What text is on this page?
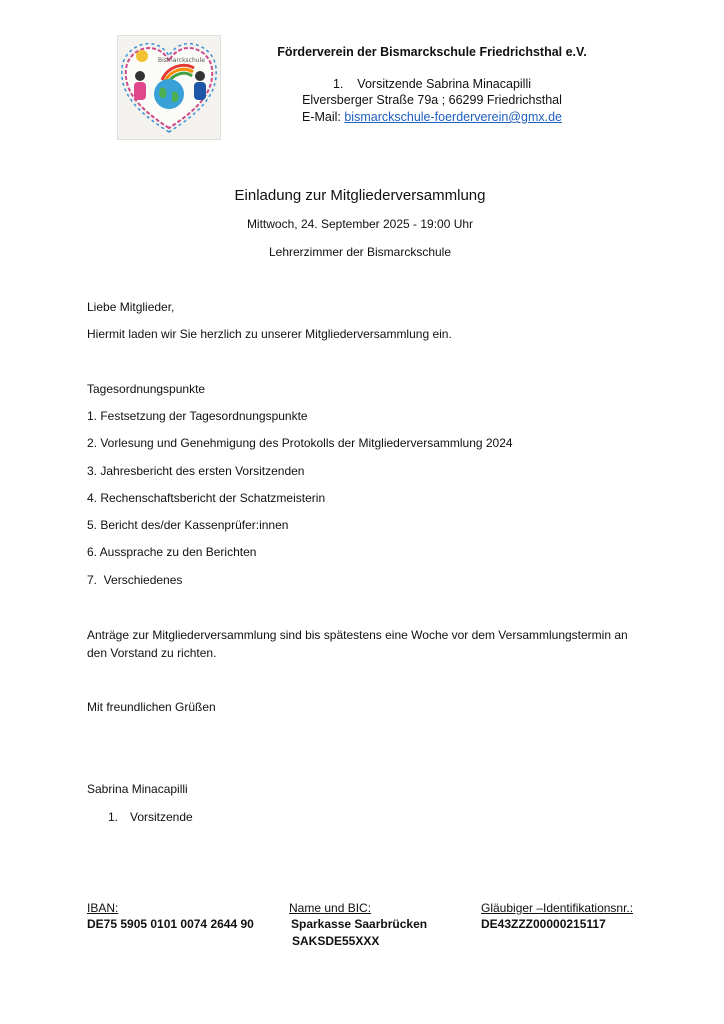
Bismarckschule
Förderverein der Bismarckschule Friedrichsthal e.V.
1.    Vorsitzende Sabrina Minacapilli
Elversberger Straße 79a ; 66299 Friedrichsthal
E-Mail: bismarckschule-foerderverein@gmx.de
Einladung zur Mitgliederversammlung
Mittwoch, 24. September 2025 - 19:00 Uhr
Lehrerzimmer der Bismarckschule
Liebe Mitglieder,
Hiermit laden wir Sie herzlich zu unserer Mitgliederversammlung ein.
Tagesordnungspunkte
1. Festsetzung der Tagesordnungspunkte
2. Vorlesung und Genehmigung des Protokolls der Mitgliederversammlung 2024
3. Jahresbericht des ersten Vorsitzenden
4. Rechenschaftsbericht der Schatzmeisterin
5. Bericht des/der Kassenprüfer:innen
6. Aussprache zu den Berichten
7.  Verschiedenes
Anträge zur Mitgliederversammlung sind bis spätestens eine Woche vor dem Versammlungstermin an den Vorstand zu richten.
Mit freundlichen Grüßen
Sabrina Minacapilli
1. Vorsitzende
IBAN:
DE75 5905 0101 0074 2644 90
Name und BIC:
Sparkasse Saarbrücken
SAKSDE55XXX
Gläubiger –Identifikationsnr.:
DE43ZZZ00000215117
